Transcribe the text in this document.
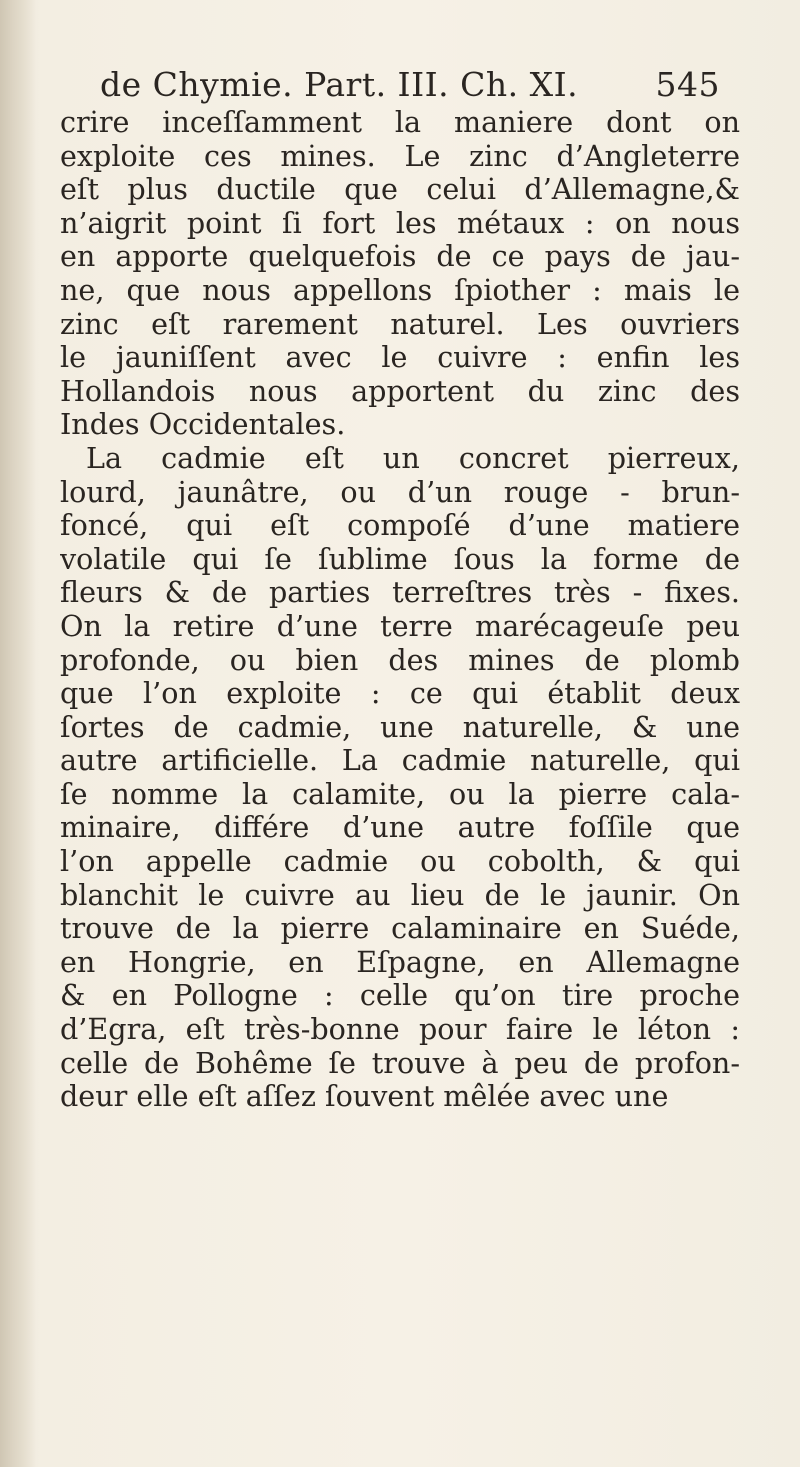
de Chymie. Part. III. Ch. XI. 545
crire inceſſamment la maniere dont on
exploite ces mines. Le zinc d’Angleterre
eſt plus ductile que celui d’Allemagne,&
n’aigrit point ſi fort les métaux : on nous
en apporte quelquefois de ce pays de jau-
ne, que nous appellons ſpiother : mais le
zinc eſt rarement naturel. Les ouvriers
le jauniſſent avec le cuivre : enfin les
Hollandois nous apportent du zinc des
Indes Occidentales.
La cadmie eſt un concret pierreux,
lourd, jaunâtre, ou d’un rouge - brun-
foncé, qui eſt compoſé d’une matiere
volatile qui ſe ſublime ſous la forme de
fleurs & de parties terreſtres très - fixes.
On la retire d’une terre marécageuſe peu
profonde, ou bien des mines de plomb
que l’on exploite : ce qui établit deux
ſortes de cadmie, une naturelle, & une
autre artificielle. La cadmie naturelle, qui
ſe nomme la calamite, ou la pierre cala-
minaire, différe d’une autre foſſile que
l’on appelle cadmie ou cobolth, & qui
blanchit le cuivre au lieu de le jaunir. On
trouve de la pierre calaminaire en Suéde,
en Hongrie, en Eſpagne, en Allemagne
& en Pollogne : celle qu’on tire proche
d’Egra, eſt très-bonne pour faire le léton :
celle de Bohême ſe trouve à peu de profon-
deur elle eſt aſſez ſouvent mêlée avec une
